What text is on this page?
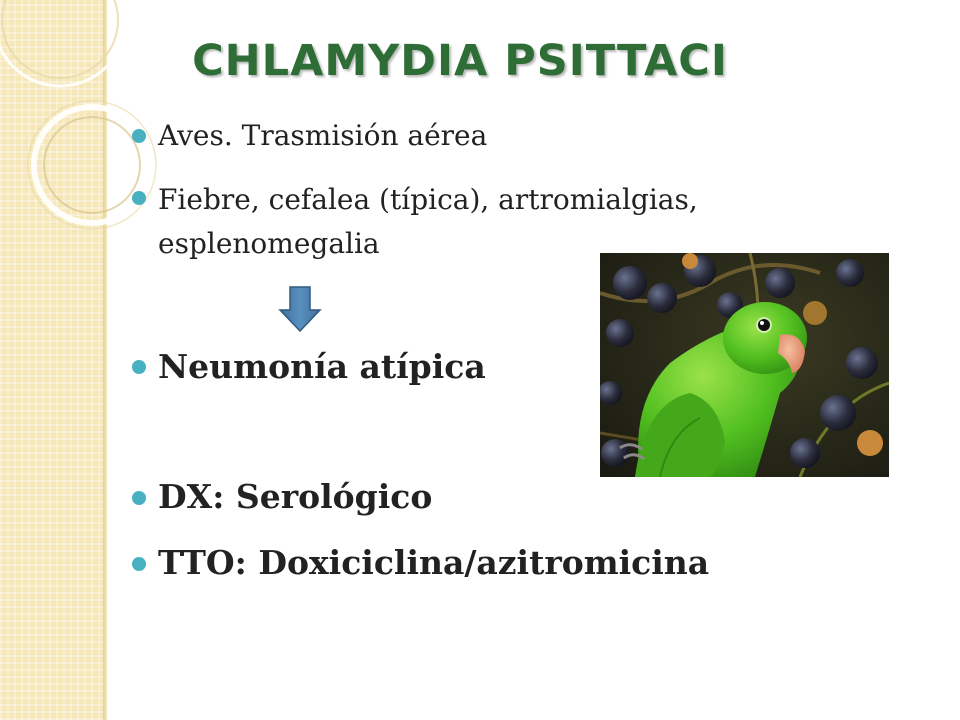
CHLAMYDIA PSITTACI
Aves. Trasmisión aérea
Fiebre, cefalea (típica), artromialgias, esplenomegalia
Neumonía atípica
DX: Serológico
TTO: Doxiciclina/azitromicina
